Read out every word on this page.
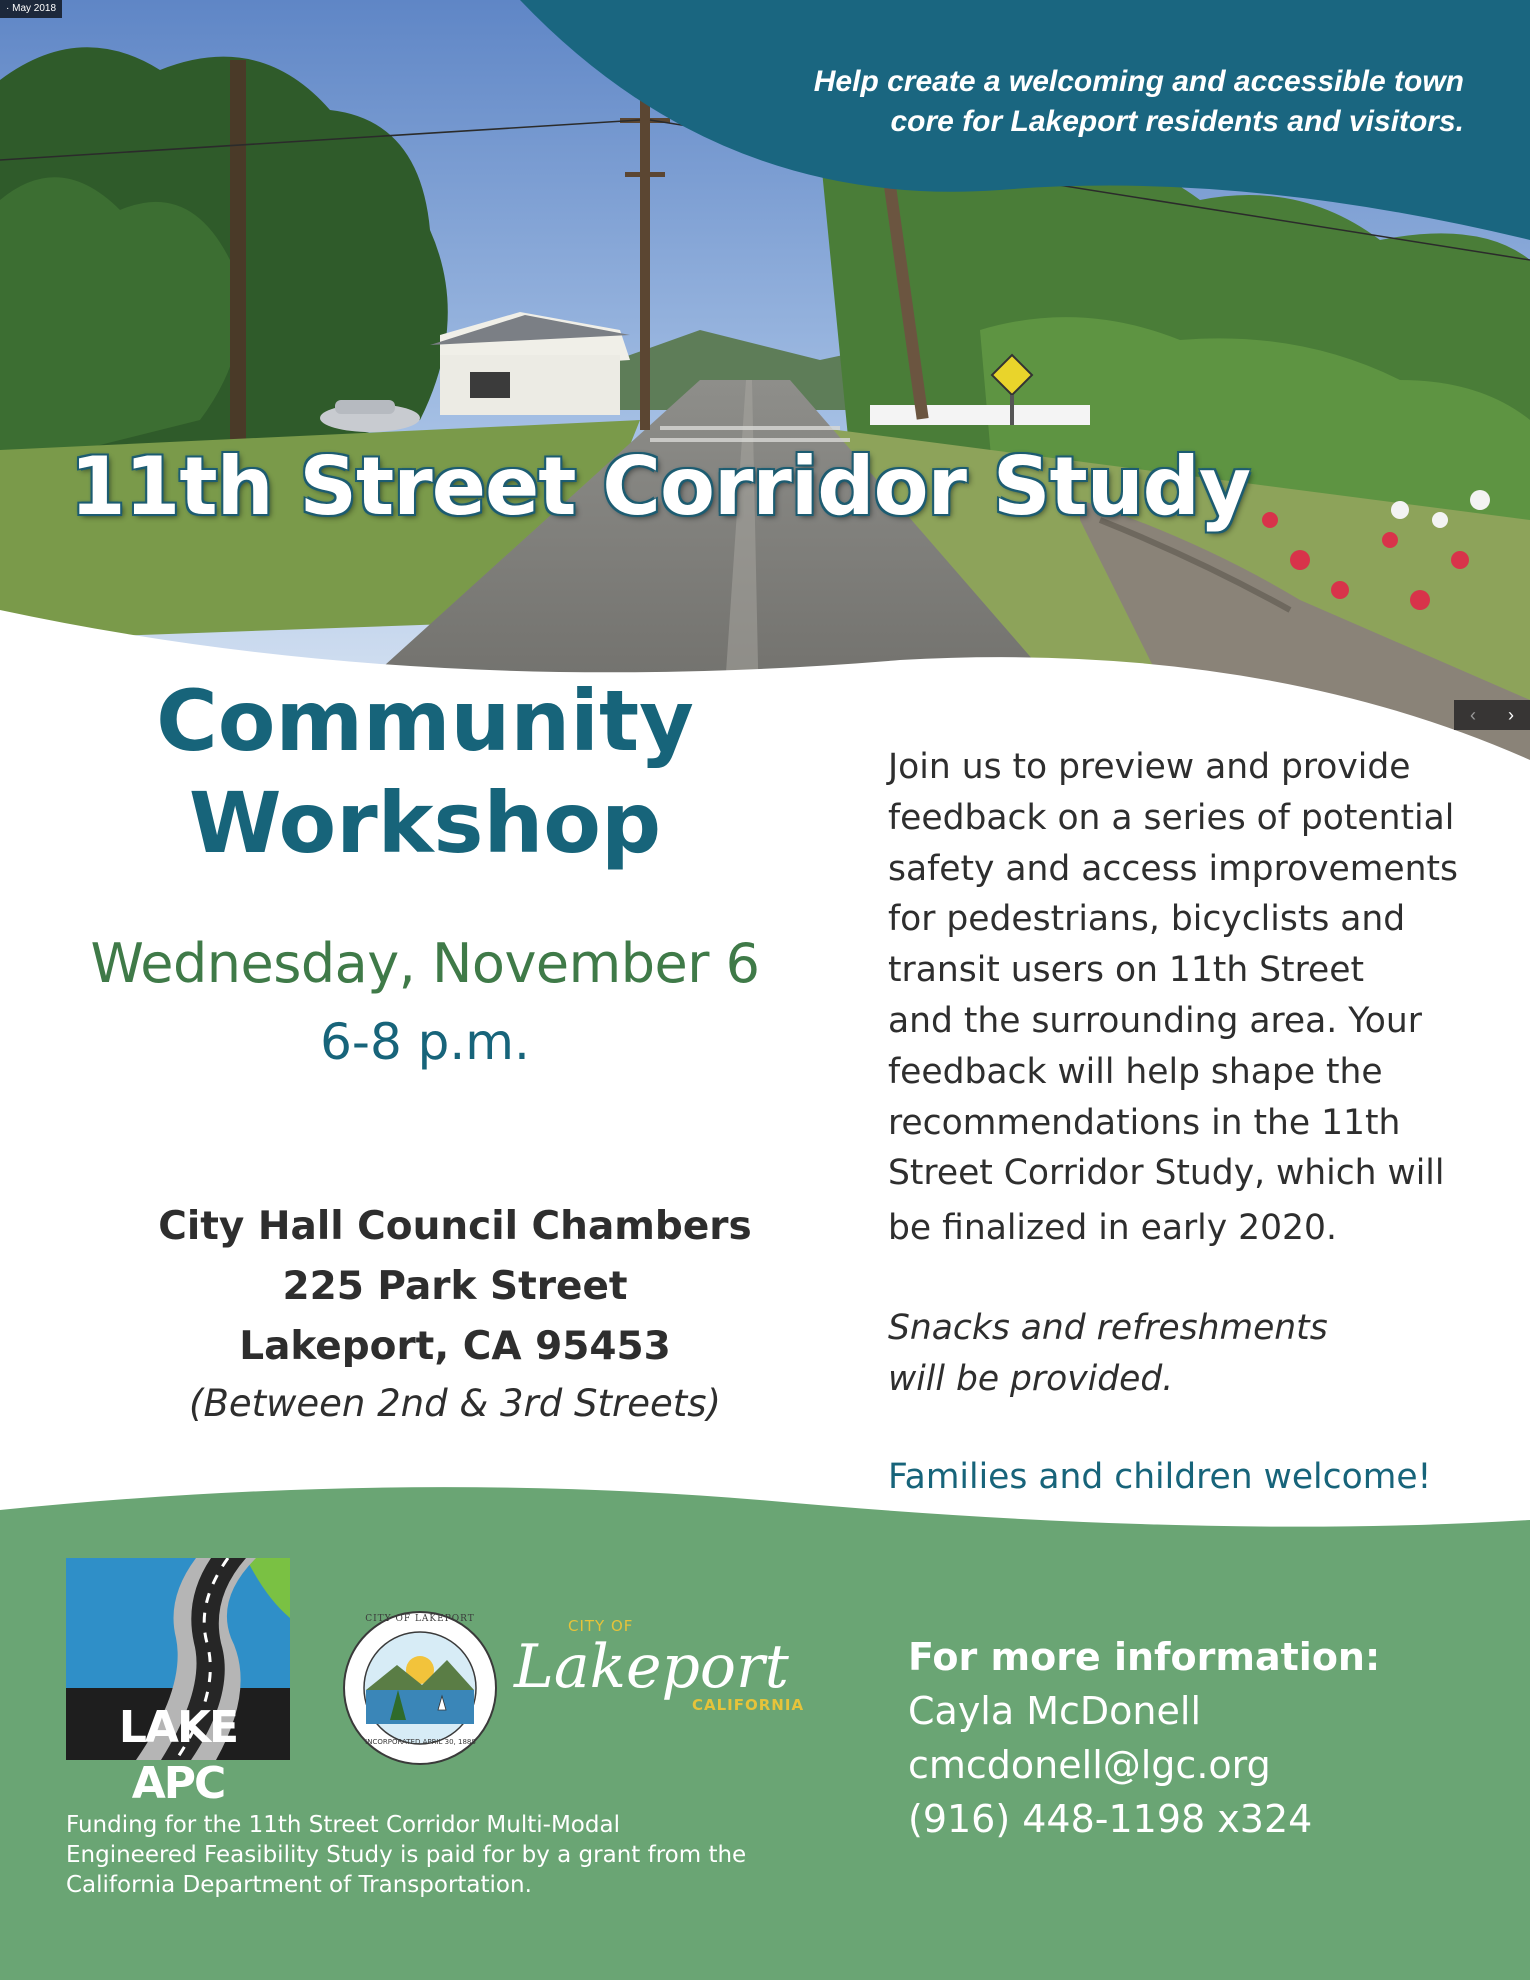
· May 2018
‹	›
Help create a welcoming and accessible town
core for Lakeport residents and visitors.
11th Street Corridor Study
Community
Workshop
Wednesday, November 6
6-8 p.m.
City Hall Council Chambers
225 Park Street
Lakeport, CA 95453
(Between 2nd & 3rd Streets)
Join us to preview and provide
feedback on a series of potential
safety and access improvements
for pedestrians, bicyclists and
transit users on 11th Street
and the surrounding area. Your
feedback will help shape the
recommendations in the 11th
Street Corridor Study, which will
be finalized in early 2020.
Snacks and refreshments
will be provided.
Families and children welcome!
LAKE APC
CITY OF LAKEPORT
INCORPORATED APRIL 30, 1888
CITY OF
Lakeport
CALIFORNIA
For more information:
Cayla McDonell
cmcdonell@lgc.org
(916) 448-1198 x324
Funding for the 11th Street Corridor Multi-Modal
Engineered Feasibility Study is paid for by a grant from the
California Department of Transportation.
